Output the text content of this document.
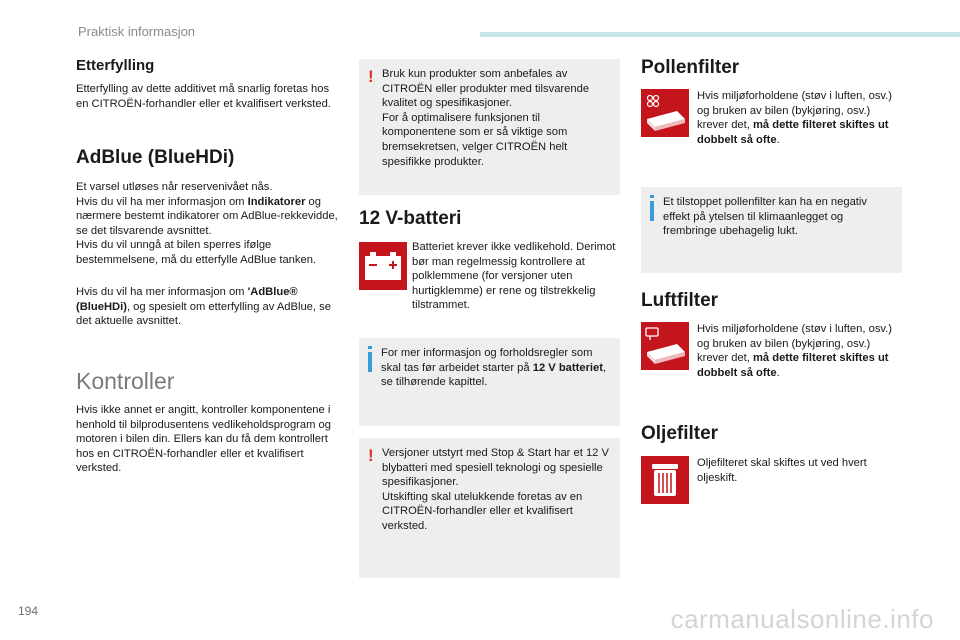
Praktisk informasjon
Etterfylling
Etterfylling av dette additivet må snarlig foretas hos en CITROËN-forhandler eller et kvalifisert verksted.
AdBlue (BlueHDi)
Et varsel utløses når reservenivået nås.
Hvis du vil ha mer informasjon om Indikatorer og nærmere bestemt indikatorer om AdBlue-rekkevidde, se det tilsvarende avsnittet.
Hvis du vil unngå at bilen sperres ifølge bestemmelsene, må du etterfylle AdBlue tanken.
Hvis du vil ha mer informasjon om 'AdBlue® (BlueHDi), og spesielt om etterfylling av AdBlue, se det aktuelle avsnittet.
Kontroller
Hvis ikke annet er angitt, kontroller komponentene i henhold til bilprodusentens vedlikeholdsprogram og motoren i bilen din. Ellers kan du få dem kontrollert hos en CITROËN-forhandler eller et kvalifisert verksted.
! Bruk kun produkter som anbefales av CITROËN eller produkter med tilsvarende kvalitet og spesifikasjoner.
For å optimalisere funksjonen til komponentene som er så viktige som bremsekretsen, velger CITROËN helt spesifikke produkter.
12 V-batteri
Batteriet krever ikke vedlikehold. Derimot bør man regelmessig kontrollere at polklemmene (for versjoner uten hurtigklemme) er rene og tilstrekkelig tilstrammet.
For mer informasjon og forholdsregler som skal tas før arbeidet starter på 12 V batteriet, se tilhørende kapittel.
! Versjoner utstyrt med Stop & Start har et 12 V blybatteri med spesiell teknologi og spesielle spesifikasjoner.
Utskifting skal utelukkende foretas av en CITROËN-forhandler eller et kvalifisert verksted.
Pollenfilter
Hvis miljøforholdene (støv i luften, osv.) og bruken av bilen (bykjøring, osv.) krever det, må dette filteret skiftes ut dobbelt så ofte.
Et tilstoppet pollenfilter kan ha en negativ effekt på ytelsen til klimaanlegget og frembringe ubehagelig lukt.
Luftfilter
Hvis miljøforholdene (støv i luften, osv.) og bruken av bilen (bykjøring, osv.) krever det, må dette filteret skiftes ut dobbelt så ofte.
Oljefilter
Oljefilteret skal skiftes ut ved hvert oljeskift.
194	carmanualsonline.info
